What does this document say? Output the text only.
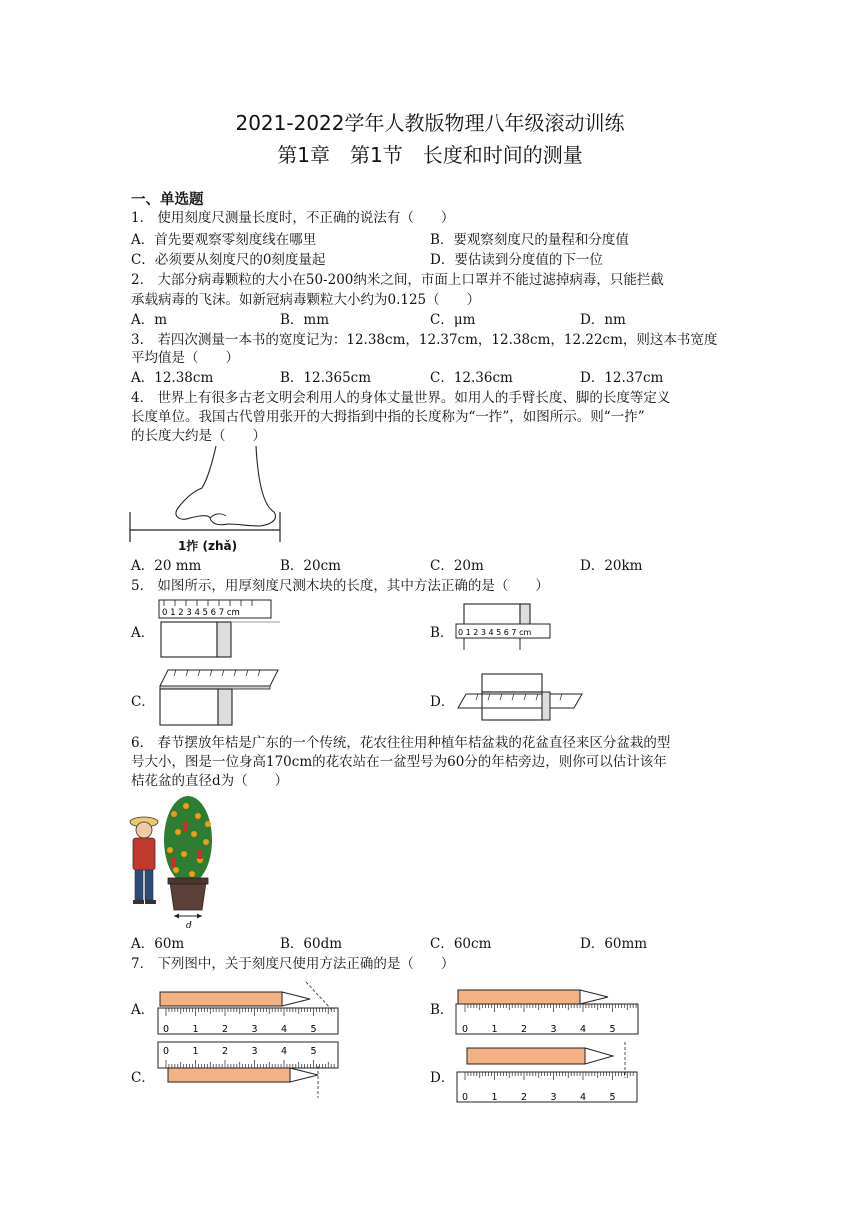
2021-2022学年人教版物理八年级滚动训练
第1章　第1节　长度和时间的测量
一、单选题
1． 使用刻度尺测量长度时，不正确的说法有（　　）
A．首先要观察零刻度线在哪里	B．要观察刻度尺的量程和分度值
C．必须要从刻度尺的0刻度量起	D．要估读到分度值的下一位
2． 大部分病毒颗粒的大小在50-200纳米之间，市面上口罩并不能过滤掉病毒，只能拦截
承载病毒的飞沫。如新冠病毒颗粒大小约为0.125（　　）
A．m	B．mm	C．μm	D．nm
3． 若四次测量一本书的宽度记为：12.38cm，12.37cm，12.38cm，12.22cm，则这本书宽度
平均值是（　　）
A．12.38cm	B．12.365cm	C．12.36cm	D．12.37cm
4． 世界上有很多古老文明会利用人的身体丈量世界。如用人的手臂长度、脚的长度等定义
长度单位。我国古代曾用张开的大拇指到中指的长度称为“一拃”，如图所示。则“一拃”
的长度大约是（　　）
1拃 (zhǎ)
A．20 mm	B．20cm	C．20m	D．20km
5． 如图所示，用厚刻度尺测木块的长度，其中方法正确的是（　　）
A．
0 1 2 3 4 5 6 7 cm
B． 0 1 2 3 4 5 6 7 cm
C．	D．
6． 春节摆放年桔是广东的一个传统，花农往往用种植年桔盆栽的花盆直径来区分盆栽的型
号大小，图是一位身高170cm的花农站在一盆型号为60分的年桔旁边，则你可以估计该年
桔花盆的直径d为（　　）
d
A．60m	B．60dm	C．60cm	D．60mm
7． 下列图中，关于刻度尺使用方法正确的是（　　）
A．
0 1 2 3 4 5
B．
0 1 2 3 4 5
C．
0 1 2 3 4 5
D．
0 1 2 3 4 5
